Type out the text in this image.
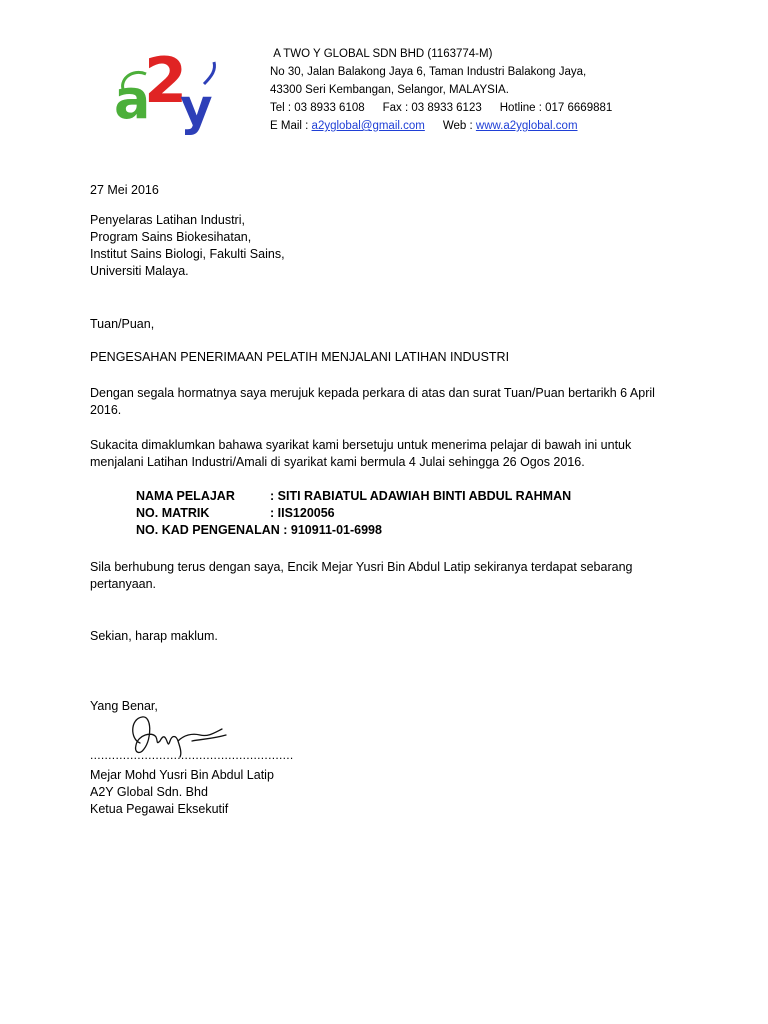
a
2
y
A TWO Y GLOBAL SDN BHD (1163774-M)
No 30, Jalan Balakong Jaya 6, Taman Industri Balakong Jaya,
43300 Seri Kembangan, Selangor, MALAYSIA.
Tel : 03 8933 6108 Fax : 03 8933 6123 Hotline : 017 6669881
E Mail : a2yglobal@gmail.com Web : www.a2yglobal.com
27 Mei 2016
Penyelaras Latihan Industri,
Program Sains Biokesihatan,
Institut Sains Biologi, Fakulti Sains,
Universiti Malaya.
Tuan/Puan,
PENGESAHAN PENERIMAAN PELATIH MENJALANI LATIHAN INDUSTRI
Dengan segala hormatnya saya merujuk kepada perkara di atas dan surat Tuan/Puan bertarikh 6 April
2016.
Sukacita dimaklumkan bahawa syarikat kami bersetuju untuk menerima pelajar di bawah ini untuk
menjalani Latihan Industri/Amali di syarikat kami bermula 4 Julai sehingga 26 Ogos 2016.
NAMA PELAJAR	: SITI RABIATUL ADAWIAH BINTI ABDUL RAHMAN
NO. MATRIK	: IIS120056
NO. KAD PENGENALAN
: 910911-01-6998
Sila berhubung terus dengan saya, Encik Mejar Yusri Bin Abdul Latip sekiranya terdapat sebarang
pertanyaan.
Sekian, harap maklum.
Yang Benar,
........................................................
Mejar Mohd Yusri Bin Abdul Latip
A2Y Global Sdn. Bhd
Ketua Pegawai Eksekutif
